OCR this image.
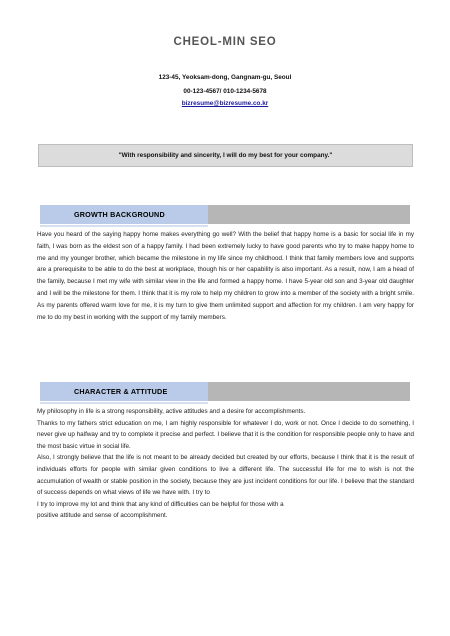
CHEOL-MIN SEO
123-45, Yeoksam-dong, Gangnam-gu, Seoul
00-123-4567/ 010-1234-5678
bizresume@bizresume.co.kr
"With responsibility and sincerity, I will do my best for your company."
GROWTH BACKGROUND
Have you heard of the saying happy home makes everything go well? With the belief that happy home is a basic for social life in my faith, I was born as the eldest son of a happy family. I had been extremely lucky to have good parents who try to make happy home to me and my younger brother, which became the milestone in my life since my childhood. I think that family members love and supports are a prerequisite to be able to do the best at workplace, though his or her capability is also important. As a result, now, I am a head of the family, because I met my wife with similar view in the life and formed a happy home. I have 5-year old son and 3-year old daughter and I will be the milestone for them. I think that it is my role to help my children to grow into a member of the society with a bright smile. As my parents offered warm love for me, it is my turn to give them unlimited support and affection for my children. I am very happy for me to do my best in working with the support of my family members.
CHARACTER & ATTITUDE
My philosophy in life is a strong responsibility, active attitudes and a desire for accomplishments.
Thanks to my fathers strict education on me, I am highly responsible for whatever I do, work or not. Once I decide to do something, I never give up halfway and try to complete it precise and perfect. I believe that it is the condition for responsible people only to have and the most basic virtue in social life.
Also, I strongly believe that the life is not meant to be already decided but created by our efforts, because I think that it is the result of individuals efforts for people with similar given conditions to live a different life. The successful life for me to wish is not the accumulation of wealth or stable position in the society, because they are just incident conditions for our life. I believe that the standard of success depends on what views of life we have with. I try to
I try to improve my lot and think that any kind of difficulties can be helpful for those with a
positive attitude and sense of accomplishment.
